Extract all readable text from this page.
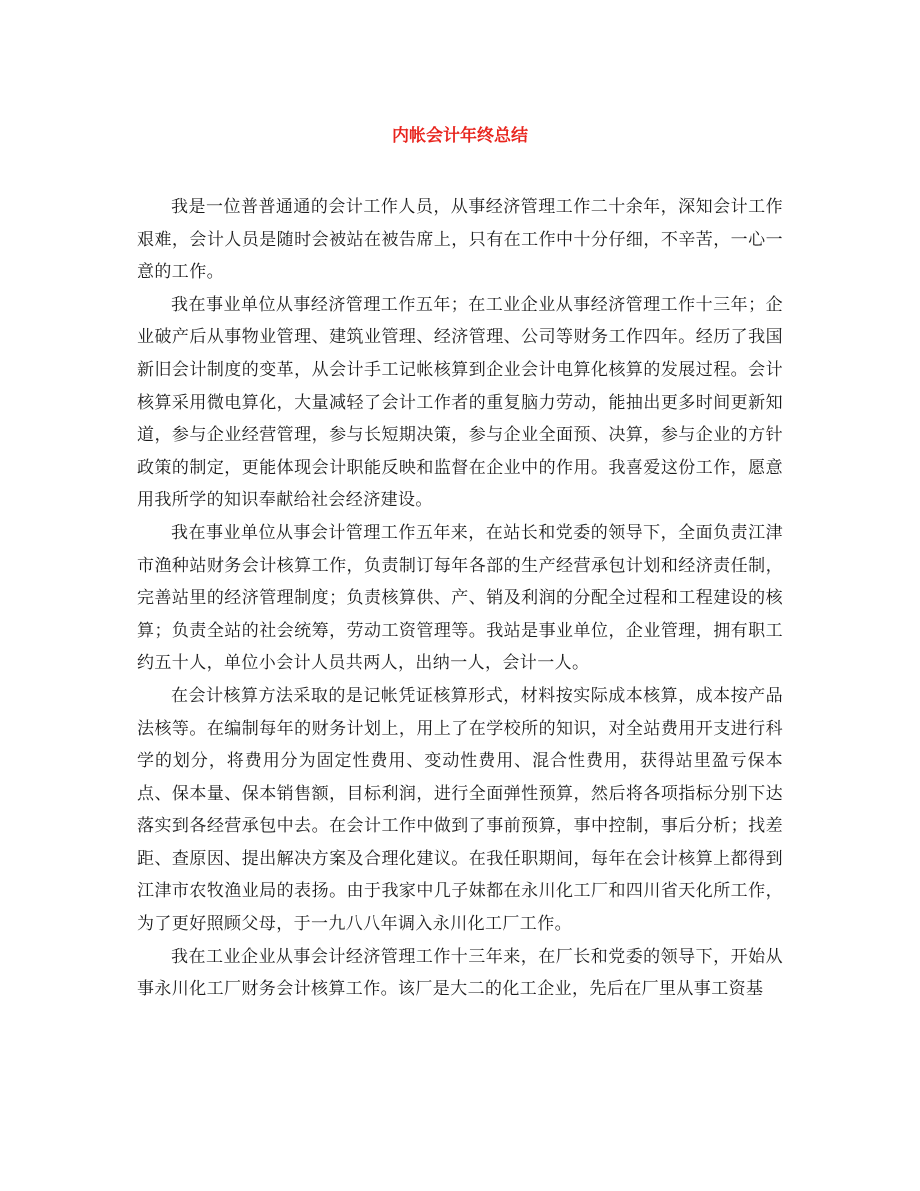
内帐会计年终总结

我是一位普普通通的会计工作人员，从事经济管理工作二十余年，深知会计工作艰难，会计人员是随时会被站在被告席上，只有在工作中十分仔细，不辛苦，一心一意的工作。

我在事业单位从事经济管理工作五年；在工业企业从事经济管理工作十三年；企业破产后从事物业管理、建筑业管理、经济管理、公司等财务工作四年。经历了我国新旧会计制度的变革，从会计手工记帐核算到企业会计电算化核算的发展过程。会计核算采用微电算化，大量减轻了会计工作者的重复脑力劳动，能抽出更多时间更新知道，参与企业经营管理，参与长短期决策，参与企业全面预、决算，参与企业的方针政策的制定，更能体现会计职能反映和监督在企业中的作用。我喜爱这份工作，愿意用我所学的知识奉献给社会经济建设。

我在事业单位从事会计管理工作五年来，在站长和党委的领导下，全面负责江津市渔种站财务会计核算工作，负责制订每年各部的生产经营承包计划和经济责任制，完善站里的经济管理制度；负责核算供、产、销及利润的分配全过程和工程建设的核算；负责全站的社会统筹，劳动工资管理等。我站是事业单位，企业管理，拥有职工约五十人，单位小会计人员共两人，出纳一人，会计一人。

在会计核算方法采取的是记帐凭证核算形式，材料按实际成本核算，成本按产品法核等。在编制每年的财务计划上，用上了在学校所的知识，对全站费用开支进行科学的划分，将费用分为固定性费用、变动性费用、混合性费用，获得站里盈亏保本点、保本量、保本销售额，目标利润，进行全面弹性预算，然后将各项指标分别下达落实到各经营承包中去。在会计工作中做到了事前预算，事中控制，事后分析；找差距、查原因、提出解决方案及合理化建议。在我任职期间，每年在会计核算上都得到江津市农牧渔业局的表扬。由于我家中几子妹都在永川化工厂和四川省天化所工作，为了更好照顾父母，于一九八八年调入永川化工厂工作。

我在工业企业从事会计经济管理工作十三年来，在厂长和党委的领导下，开始从事永川化工厂财务会计核算工作。该厂是大二的化工企业，先后在厂里从事工资基
